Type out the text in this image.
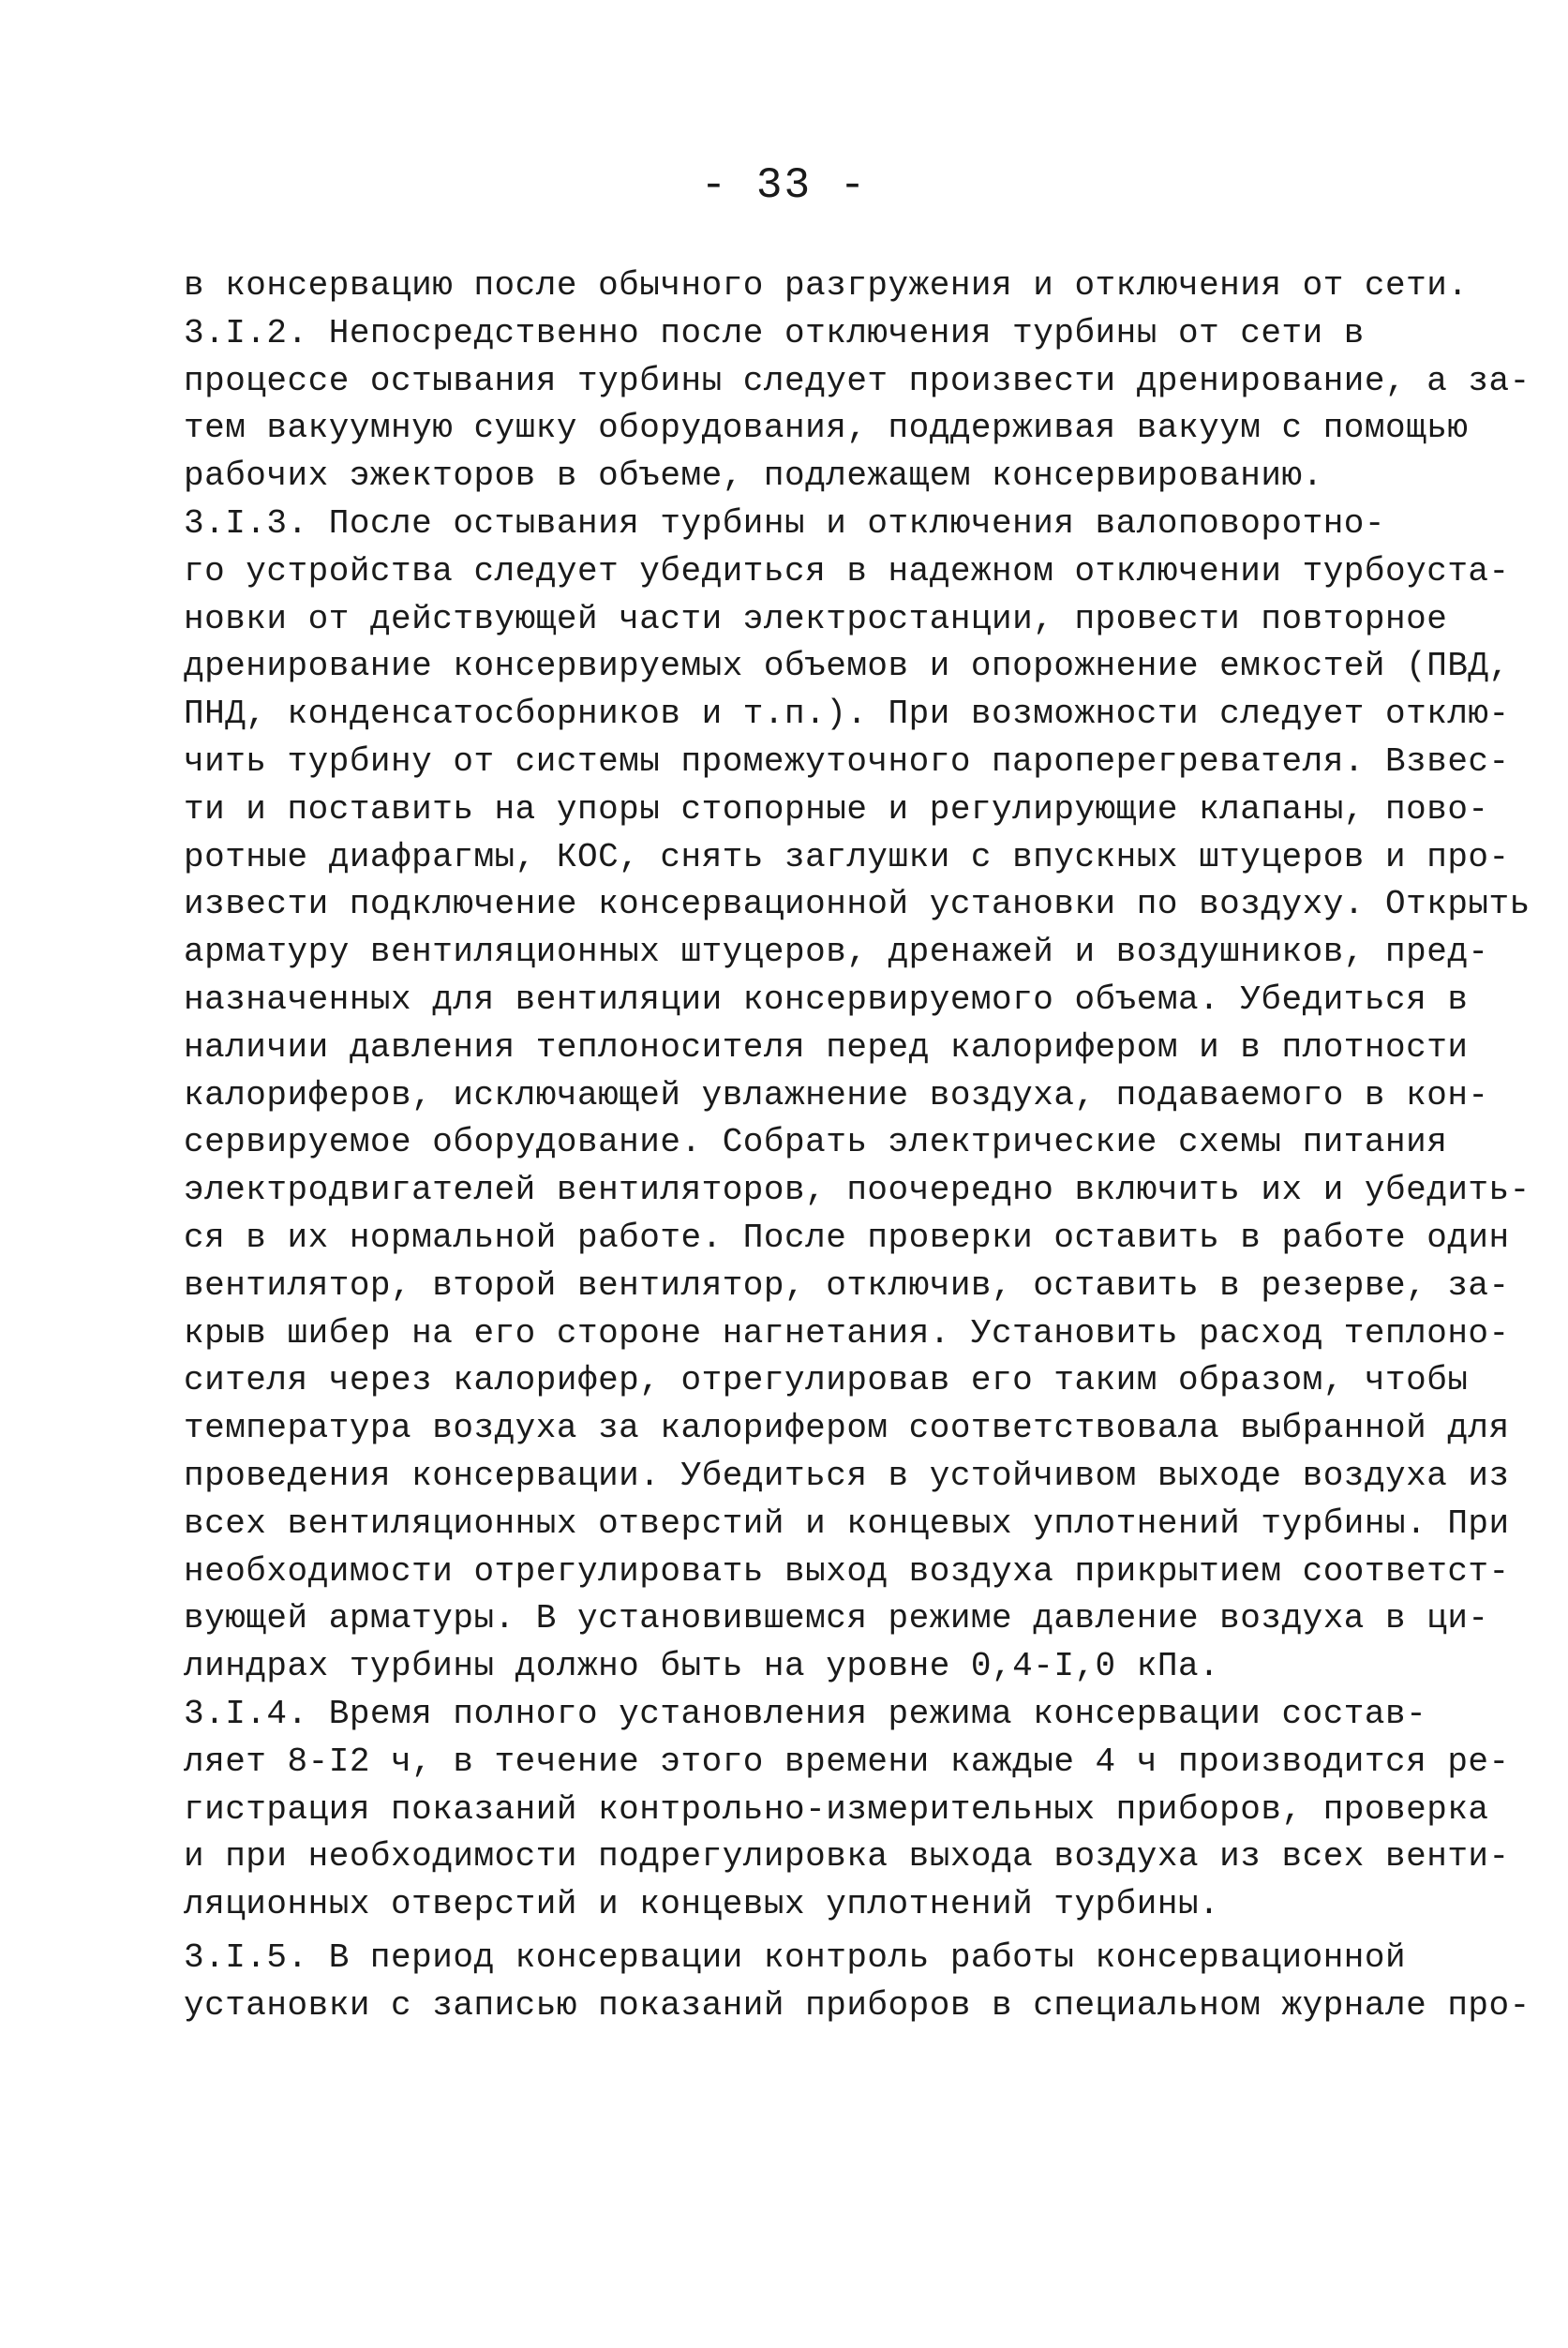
- 33 -
в консервацию после обычного разгружения и отключения от сети.
3.I.2. Непосредственно после отключения турбины от сети в
процессе остывания турбины следует произвести дренирование, а за-
тем вакуумную сушку оборудования, поддерживая вакуум с помощью
рабочих эжекторов в объеме, подлежащем консервированию.
3.I.3. После остывания турбины и отключения валоповоротно-
го устройства следует убедиться в надежном отключении турбоуста-
новки от действующей части электростанции, провести повторное
дренирование консервируемых объемов и опорожнение емкостей (ПВД,
ПНД, конденсатосборников и т.п.). При возможности следует отклю-
чить турбину от системы промежуточного пароперегревателя. Взвес-
ти и поставить на упоры стопорные и регулирующие клапаны, пово-
ротные диафрагмы, КОС, снять заглушки с впускных штуцеров и про-
извести подключение консервационной установки по воздуху. Открыть
арматуру вентиляционных штуцеров, дренажей и воздушников, пред-
назначенных для вентиляции консервируемого объема. Убедиться в
наличии давления теплоносителя перед калорифером и в плотности
калориферов, исключающей увлажнение воздуха, подаваемого в кон-
сервируемое оборудование. Собрать электрические схемы питания
электродвигателей вентиляторов, поочередно включить их и убедить-
ся в их нормальной работе. После проверки оставить в работе один
вентилятор, второй вентилятор, отключив, оставить в резерве, за-
крыв шибер на его стороне нагнетания. Установить расход теплоно-
сителя через калорифер, отрегулировав его таким образом, чтобы
температура воздуха за калорифером соответствовала выбранной для
проведения консервации. Убедиться в устойчивом выходе воздуха из
всех вентиляционных отверстий и концевых уплотнений турбины. При
необходимости отрегулировать выход воздуха прикрытием соответст-
вующей арматуры. В установившемся режиме давление воздуха в ци-
линдрах турбины должно быть на уровне 0,4-I,0 кПа.
3.I.4. Время полного установления режима консервации состав-
ляет 8-I2 ч, в течение этого времени каждые 4 ч производится ре-
гистрация показаний контрольно-измерительных приборов, проверка
и при необходимости подрегулировка выхода воздуха из всех венти-
ляционных отверстий и концевых уплотнений турбины.
3.I.5. В период консервации контроль работы консервационной
установки с записью показаний приборов в специальном журнале про-
